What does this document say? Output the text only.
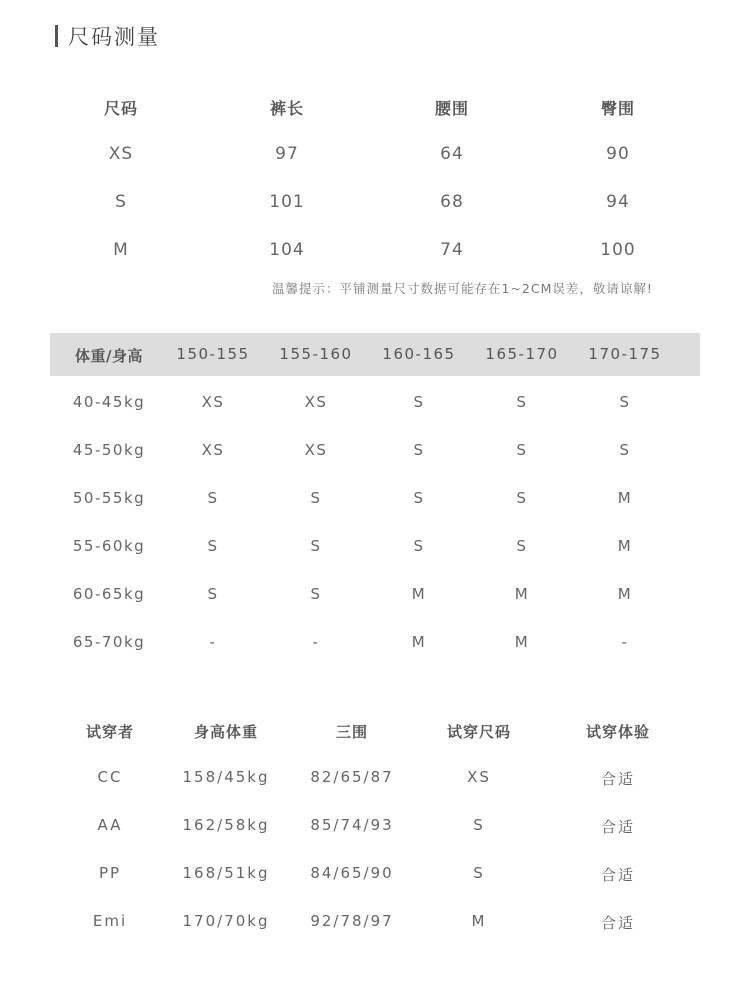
尺码测量
尺码	裤长	腰围	臀围
XS	97	64	90
S	101	68	94
M	104	74	100
温馨提示：平铺测量尺寸数据可能存在1~2CM误差，敬请谅解!
体重/身高 150-155 155-160 160-165 165-170 170-175
40-45kg	XS	XS	S	S	S
45-50kg	XS	XS	S	S	S
50-55kg	S	S	S	S	M
55-60kg	S	S	S	S	M
60-65kg	S	S	M	M	M
65-70kg	-	-	M	M	-
试穿者	身高体重	三围	试穿尺码	试穿体验
CC	158/45kg	82/65/87	XS	合适
AA	162/58kg	85/74/93	S	合适
PP	168/51kg	84/65/90	S	合适
Emi	170/70kg	92/78/97	M	合适
